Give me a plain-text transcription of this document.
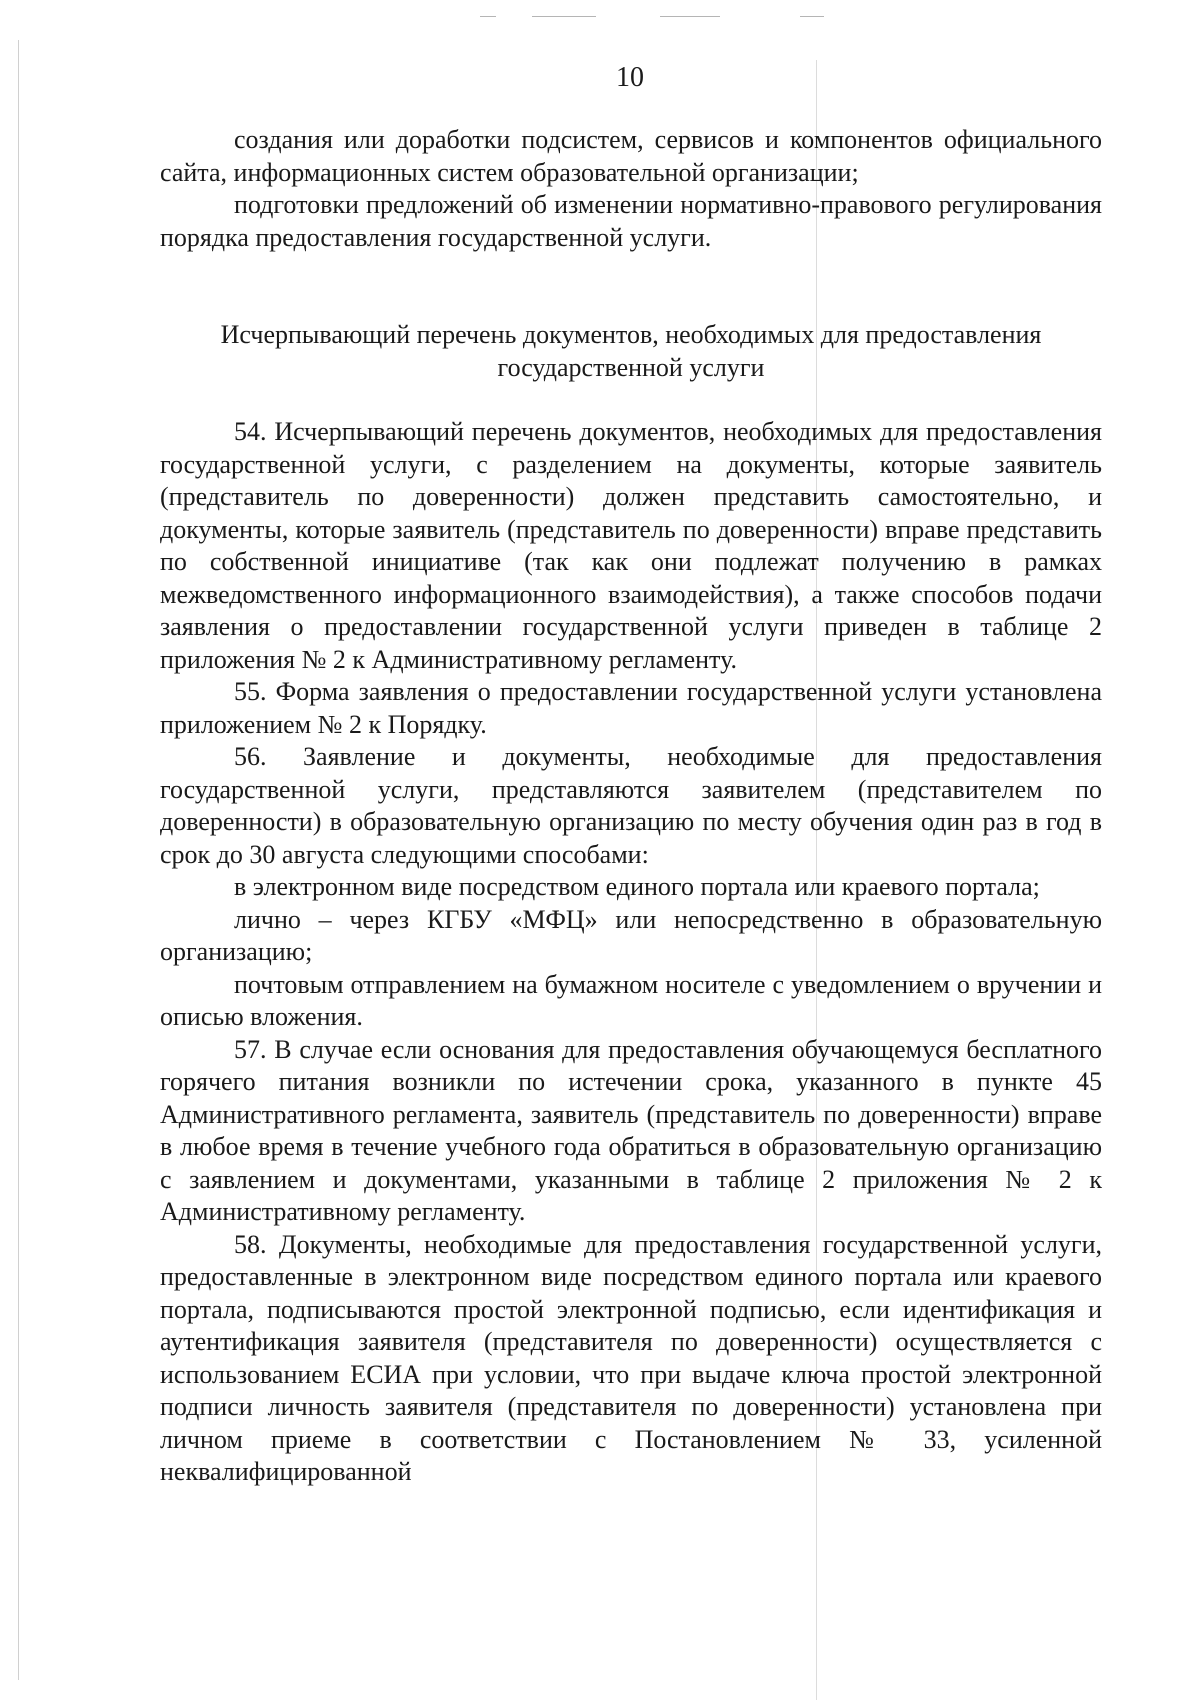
10

создания или доработки подсистем, сервисов и компонентов официального сайта, информационных систем образовательной организации;

подготовки предложений об изменении нормативно-правового регулирования порядка предоставления государственной услуги.

Исчерпывающий перечень документов, необходимых для предоставления
государственной услуги

54. Исчерпывающий перечень документов, необходимых для предоставления государственной услуги, с разделением на документы, которые заявитель (представитель по доверенности) должен представить самостоятельно, и документы, которые заявитель (представитель по доверенности) вправе представить по собственной инициативе (так как они подлежат получению в рамках межведомственного информационного взаимодействия), а также способов подачи заявления о предоставлении государственной услуги приведен в таблице 2 приложения № 2 к Административному регламенту.

55. Форма заявления о предоставлении государственной услуги установлена приложением № 2 к Порядку.

56. Заявление и документы, необходимые для предоставления государственной услуги, представляются заявителем (представителем по доверенности) в образовательную организацию по месту обучения один раз в год в срок до 30 августа следующими способами:

в электронном виде посредством единого портала или краевого портала;

лично – через КГБУ «МФЦ» или непосредственно в образовательную организацию;

почтовым отправлением на бумажном носителе с уведомлением о вручении и описью вложения.

57. В случае если основания для предоставления обучающемуся бесплатного горячего питания возникли по истечении срока, указанного в пункте 45 Административного регламента, заявитель (представитель по доверенности) вправе в любое время в течение учебного года обратиться в образовательную организацию с заявлением и документами, указанными в таблице 2 приложения № 2 к Административному регламенту.

58. Документы, необходимые для предоставления государственной услуги, предоставленные в электронном виде посредством единого портала или краевого портала, подписываются простой электронной подписью, если идентификация и аутентификация заявителя (представителя по доверенности) осуществляется с использованием ЕСИА при условии, что при выдаче ключа простой электронной подписи личность заявителя (представителя по доверенности) установлена при личном приеме в соответствии с Постановлением № 33, усиленной неквалифицированной
